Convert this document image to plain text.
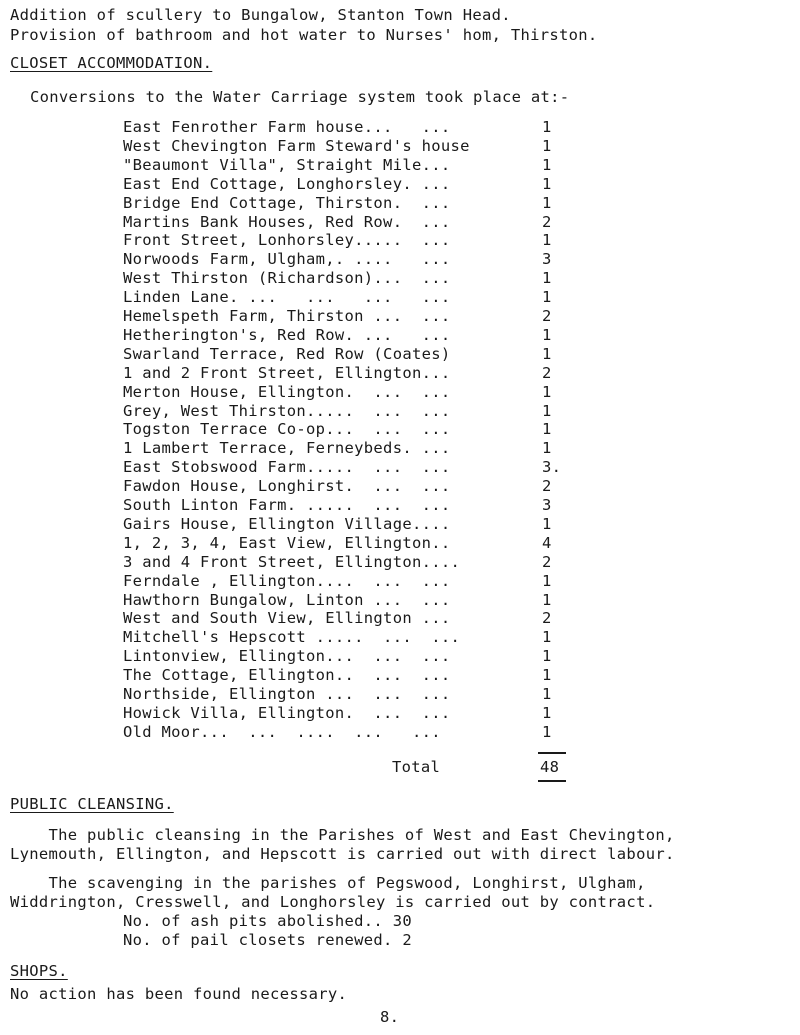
Addition of scullery to Bungalow, Stanton Town Head.
Provision of bathroom and hot water to Nurses' hom, Thirston.
CLOSET ACCOMMODATION.
Conversions to the Water Carriage system took place at:-
East Fenrother Farm house...   ...	1
West Chevington Farm Steward's house	1
"Beaumont Villa", Straight Mile...	1
East End Cottage, Longhorsley. ...	1
Bridge End Cottage, Thirston.  ...	1
Martins Bank Houses, Red Row.  ...	2
Front Street, Lonhorsley.....  ...	1
Norwoods Farm, Ulgham,. ....   ...	3
West Thirston (Richardson)...  ...	1
Linden Lane. ...   ...   ...   ...	1
Hemelspeth Farm, Thirston ...  ...	2
Hetherington's, Red Row. ...   ...	1
Swarland Terrace, Red Row (Coates)	1
1 and 2 Front Street, Ellington...	2
Merton House, Ellington.  ...  ...	1
Grey, West Thirston.....  ...  ...	1
Togston Terrace Co-op...  ...  ...	1
1 Lambert Terrace, Ferneybeds. ...	1
East Stobswood Farm.....  ...  ...	3.
Fawdon House, Longhirst.  ...  ...	2
South Linton Farm. .....  ...  ...	3
Gairs House, Ellington Village....	1
1, 2, 3, 4, East View, Ellington..	4
3 and 4 Front Street, Ellington....	2
Ferndale , Ellington....  ...  ...	1
Hawthorn Bungalow, Linton ...  ...	1
West and South View, Ellington ...	2
Mitchell's Hepscott .....  ...  ...	1
Lintonview, Ellington...  ...  ...	1
The Cottage, Ellington..  ...  ...	1
Northside, Ellington ...  ...  ...	1
Howick Villa, Ellington.  ...  ...	1
Old Moor...  ...  ....  ...   ...	1
Total	48
PUBLIC CLEANSING.
The public cleansing in the Parishes of West and East Chevington,
Lynemouth, Ellington, and Hepscott is carried out with direct labour.
The scavenging in the parishes of Pegswood, Longhirst, Ulgham,
Widdrington, Cresswell, and Longhorsley is carried out by contract.
No. of ash pits abolished.. 30
No. of pail closets renewed. 2
SHOPS.
No action has been found necessary.
8.
